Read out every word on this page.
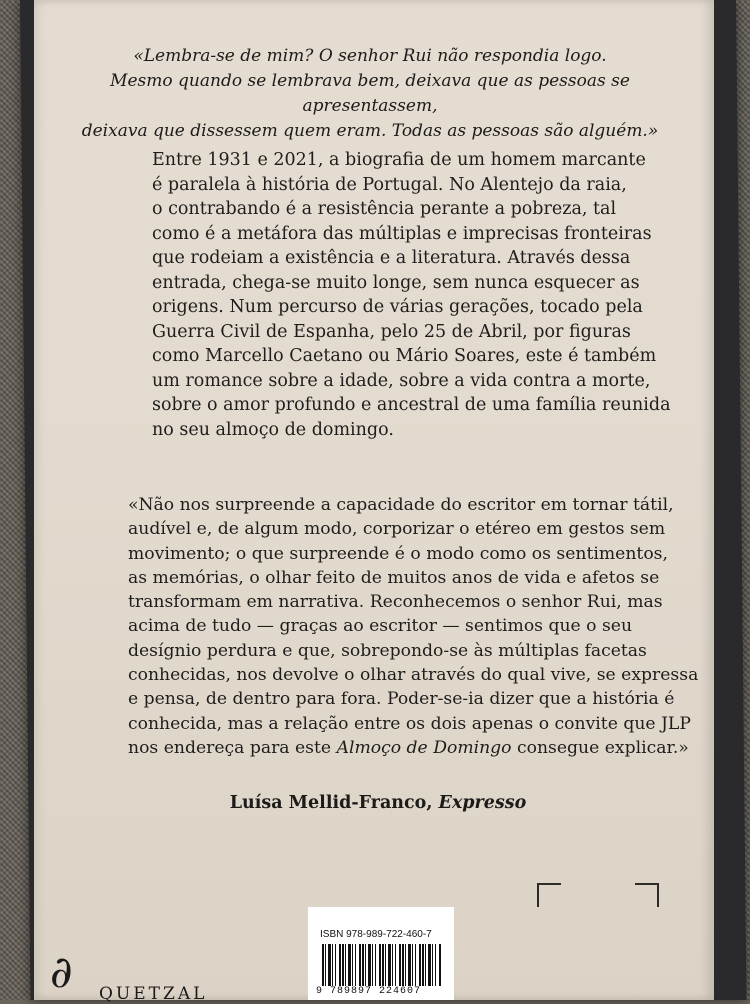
«Lembra-se de mim? O senhor Rui não respondia logo.

Mesmo quando se lembrava bem, deixava que as pessoas se apresentassem,

deixava que dissessem quem eram. Todas as pessoas são alguém.»

Entre 1931 e 2021, a biografia de um homem marcante

é paralela à história de Portugal. No Alentejo da raia,

o contrabando é a resistência perante a pobreza, tal

como é a metáfora das múltiplas e imprecisas fronteiras

que rodeiam a existência e a literatura. Através dessa

entrada, chega-se muito longe, sem nunca esquecer as

origens. Num percurso de várias gerações, tocado pela

Guerra Civil de Espanha, pelo 25 de Abril, por figuras

como Marcello Caetano ou Mário Soares, este é também

um romance sobre a idade, sobre a vida contra a morte,

sobre o amor profundo e ancestral de uma família reunida

no seu almoço de domingo.

«Não nos surpreende a capacidade do escritor em tornar tátil,

audível e, de algum modo, corporizar o etéreo em gestos sem

movimento; o que surpreende é o modo como os sentimentos,

as memórias, o olhar feito de muitos anos de vida e afetos se

transformam em narrativa. Reconhecemos o senhor Rui, mas

acima de tudo — graças ao escritor — sentimos que o seu

desígnio perdura e que, sobrepondo-se às múltiplas facetas

conhecidas, nos devolve o olhar através do qual vive, se expressa

e pensa, de dentro para fora. Poder-se-ia dizer que a história é

conhecida, mas a relação entre os dois apenas o convite que JLP

nos endereça para este Almoço de Domingo consegue explicar.»

Luísa Mellid-Franco, Expresso
ISBN 978-989-722-460-7
9 789897 224607
∂ QUETZAL
